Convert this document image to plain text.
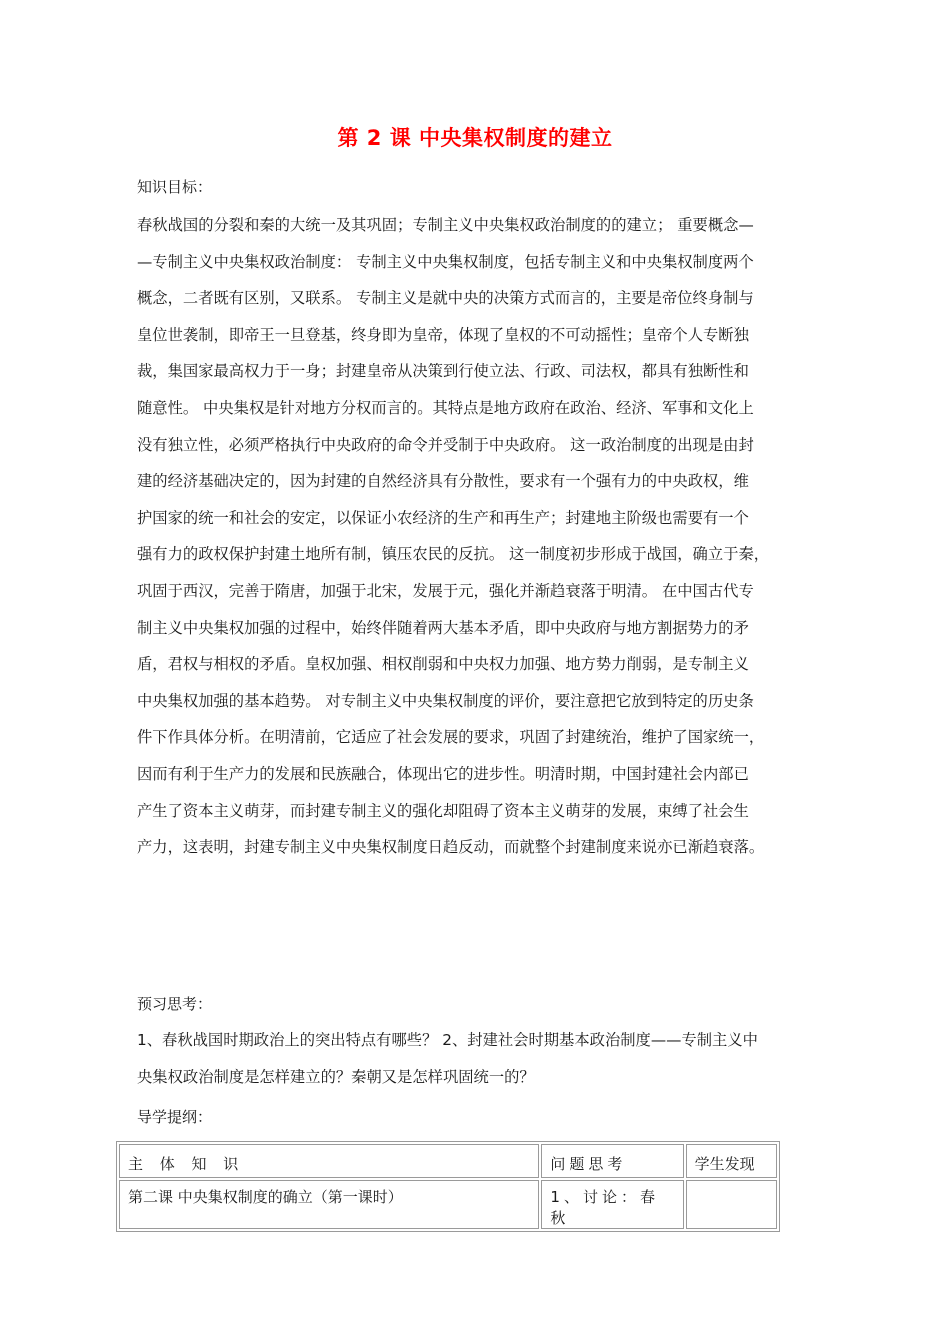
第 2 课 中央集权制度的建立

知识目标：

春秋战国的分裂和秦的大统一及其巩固；专制主义中央集权政治制度的的建立； 重要概念—
—专制主义中央集权政治制度： 专制主义中央集权制度，包括专制主义和中央集权制度两个
概念，二者既有区别，又联系。 专制主义是就中央的决策方式而言的，主要是帝位终身制与
皇位世袭制，即帝王一旦登基，终身即为皇帝，体现了皇权的不可动摇性；皇帝个人专断独
裁，集国家最高权力于一身；封建皇帝从决策到行使立法、行政、司法权，都具有独断性和
随意性。 中央集权是针对地方分权而言的。其特点是地方政府在政治、经济、军事和文化上
没有独立性，必须严格执行中央政府的命令并受制于中央政府。 这一政治制度的出现是由封
建的经济基础决定的，因为封建的自然经济具有分散性，要求有一个强有力的中央政权，维
护国家的统一和社会的安定，以保证小农经济的生产和再生产；封建地主阶级也需要有一个
强有力的政权保护封建土地所有制，镇压农民的反抗。 这一制度初步形成于战国，确立于秦，
巩固于西汉，完善于隋唐，加强于北宋，发展于元，强化并渐趋衰落于明清。 在中国古代专
制主义中央集权加强的过程中，始终伴随着两大基本矛盾，即中央政府与地方割据势力的矛
盾，君权与相权的矛盾。皇权加强、相权削弱和中央权力加强、地方势力削弱，是专制主义
中央集权加强的基本趋势。 对专制主义中央集权制度的评价，要注意把它放到特定的历史条
件下作具体分析。在明清前，它适应了社会发展的要求，巩固了封建统治，维护了国家统一，
因而有利于生产力的发展和民族融合，体现出它的进步性。明清时期，中国封建社会内部已
产生了资本主义萌芽，而封建专制主义的强化却阻碍了资本主义萌芽的发展，束缚了社会生
产力，这表明，封建专制主义中央集权制度日趋反动，而就整个封建制度来说亦已渐趋衰落。

预习思考：

1、春秋战国时期政治上的突出特点有哪些？ 2、封建社会时期基本政治制度——专制主义中
央集权政治制度是怎样建立的？秦朝又是怎样巩固统一的？

导学提纲：

主 体 知 识	问题思考	学生发现
第二课 中央集权制度的确立（第一课时）	1、讨论：春秋	
